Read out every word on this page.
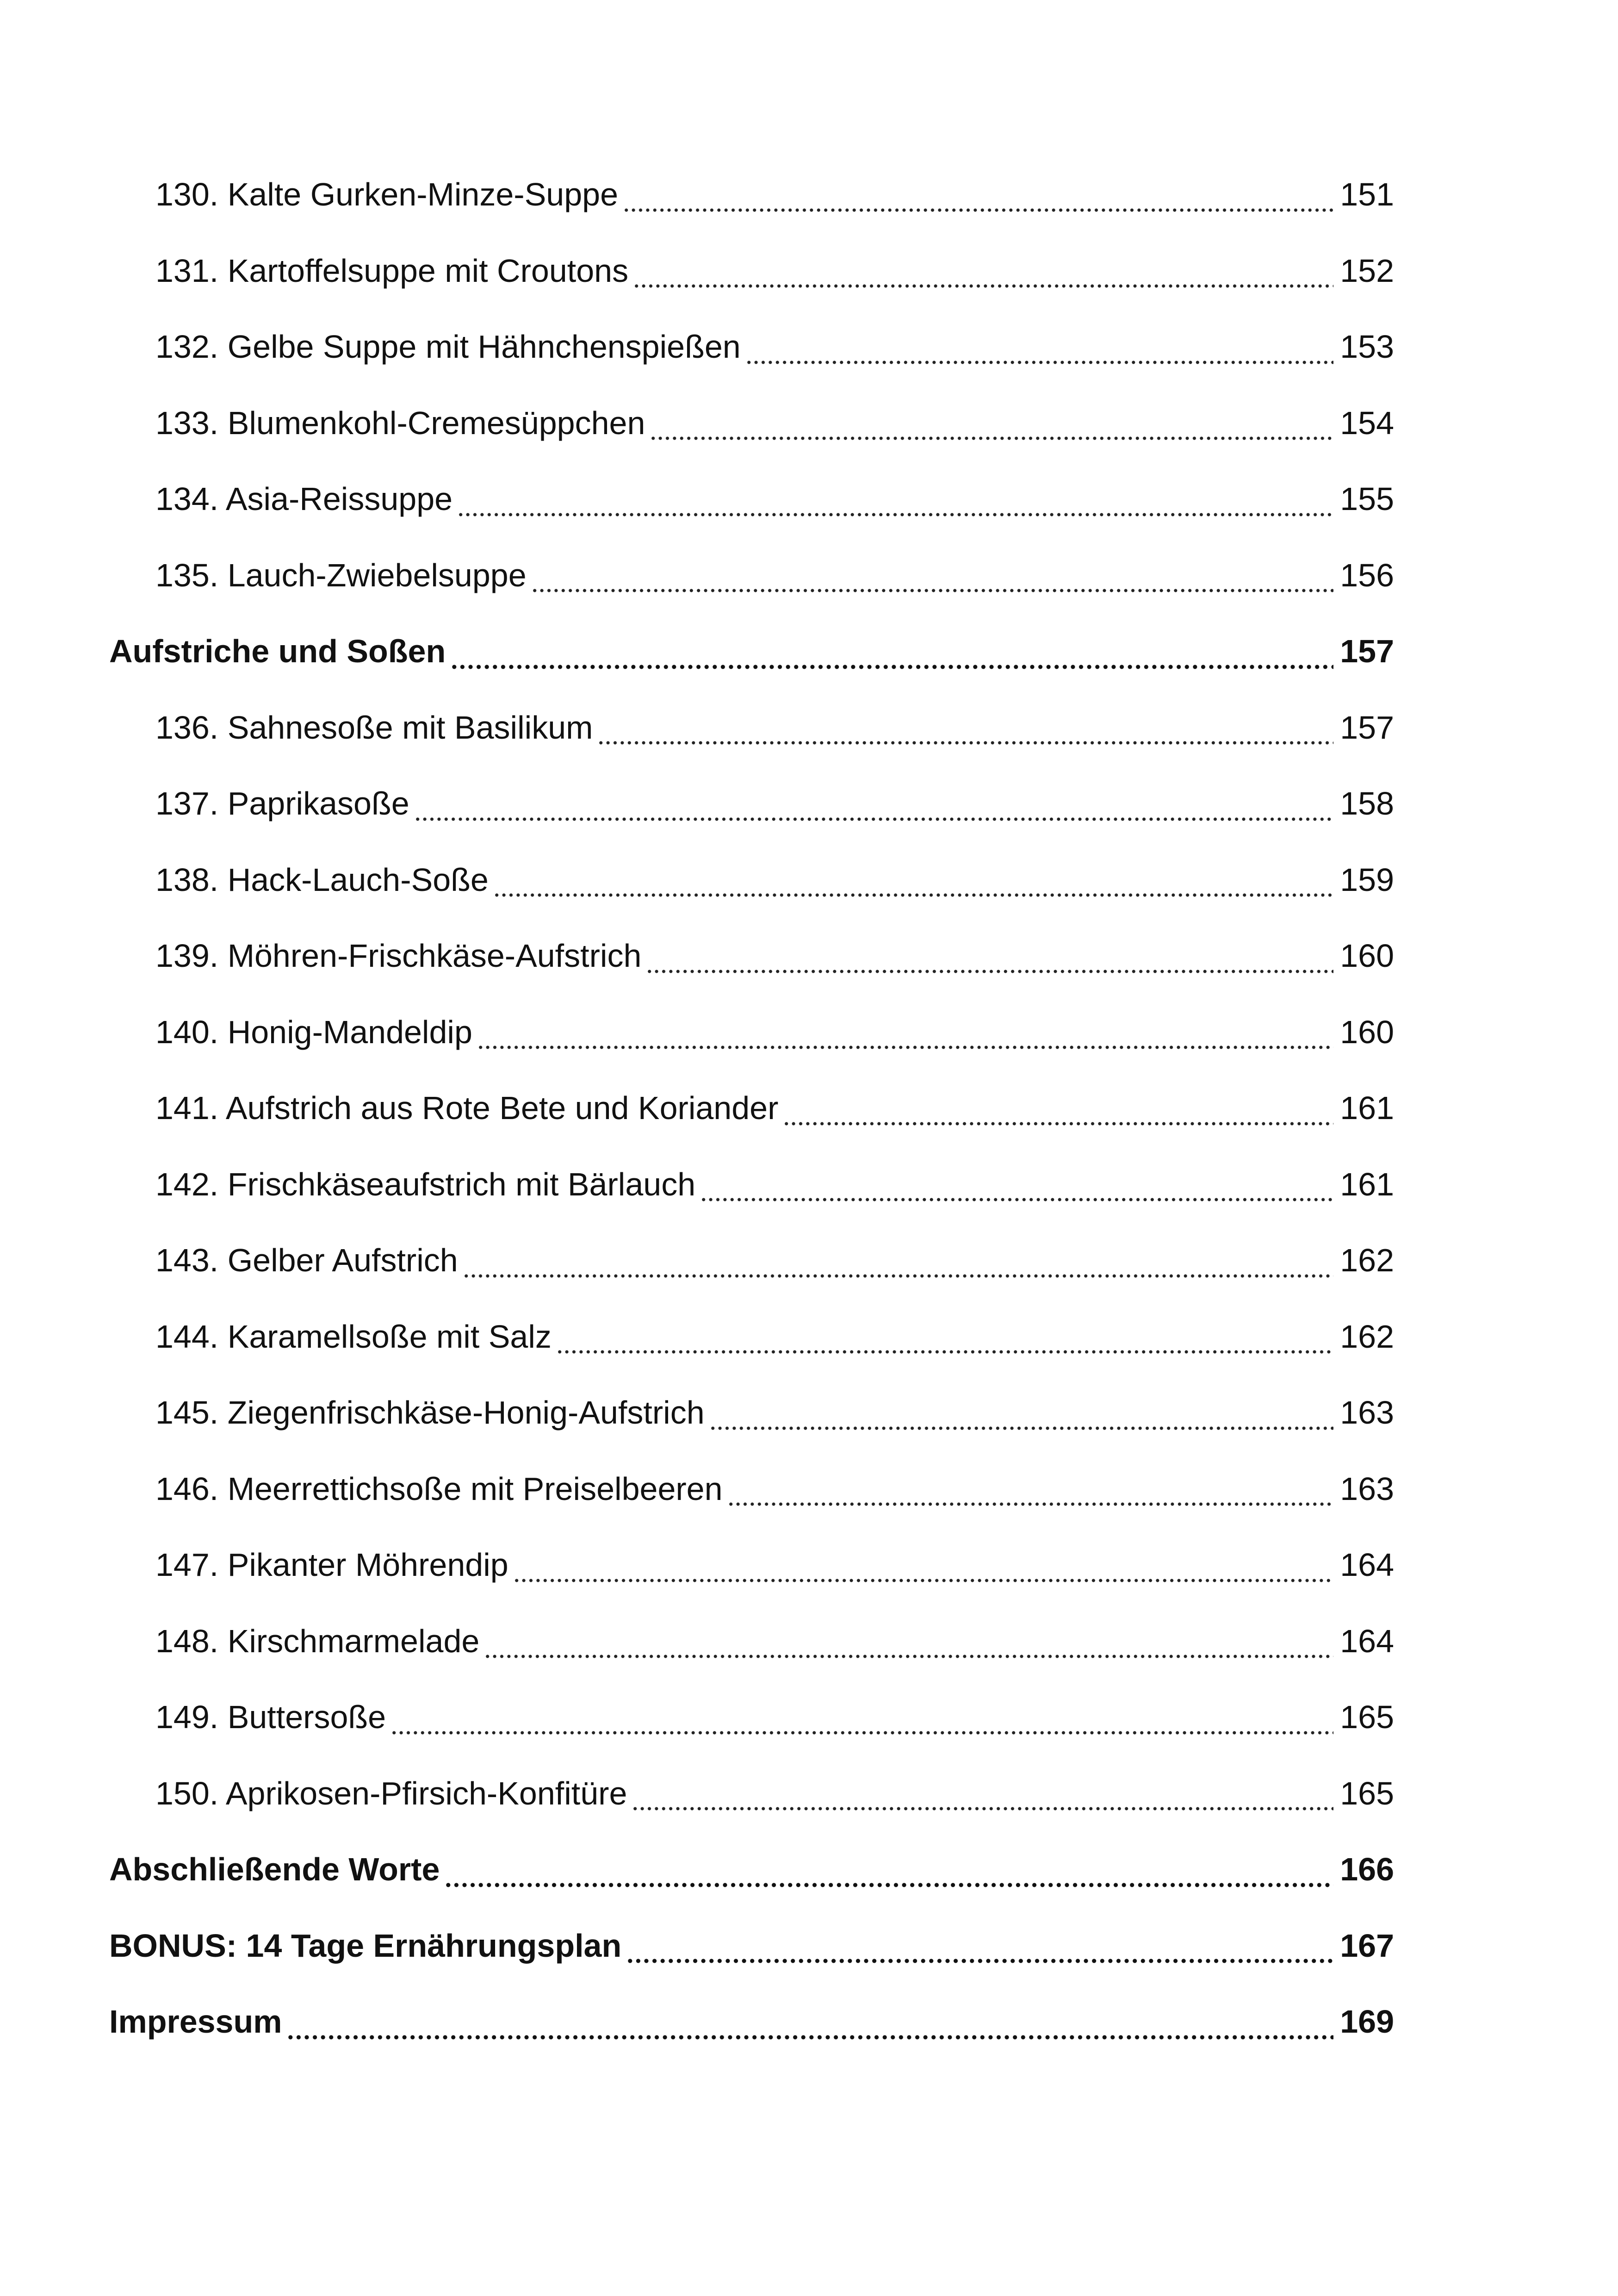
130. Kalte Gurken-Minze-Suppe	151
131. Kartoffelsuppe mit Croutons	152
132. Gelbe Suppe mit Hähnchenspießen	153
133. Blumenkohl-Cremesüppchen	154
134. Asia-Reissuppe	155
135. Lauch-Zwiebelsuppe	156
Aufstriche und Soßen	157
136. Sahnesoße mit Basilikum	157
137. Paprikasoße	158
138. Hack-Lauch-Soße	159
139. Möhren-Frischkäse-Aufstrich	160
140. Honig-Mandeldip	160
141. Aufstrich aus Rote Bete und Koriander	161
142. Frischkäseaufstrich mit Bärlauch	161
143. Gelber Aufstrich	162
144. Karamellsoße mit Salz	162
145. Ziegenfrischkäse-Honig-Aufstrich	163
146. Meerrettichsoße mit Preiselbeeren	163
147. Pikanter Möhrendip	164
148. Kirschmarmelade	164
149. Buttersoße	165
150. Aprikosen-Pfirsich-Konfitüre	165
Abschließende Worte	166
BONUS: 14 Tage Ernährungsplan	167
Impressum	169
